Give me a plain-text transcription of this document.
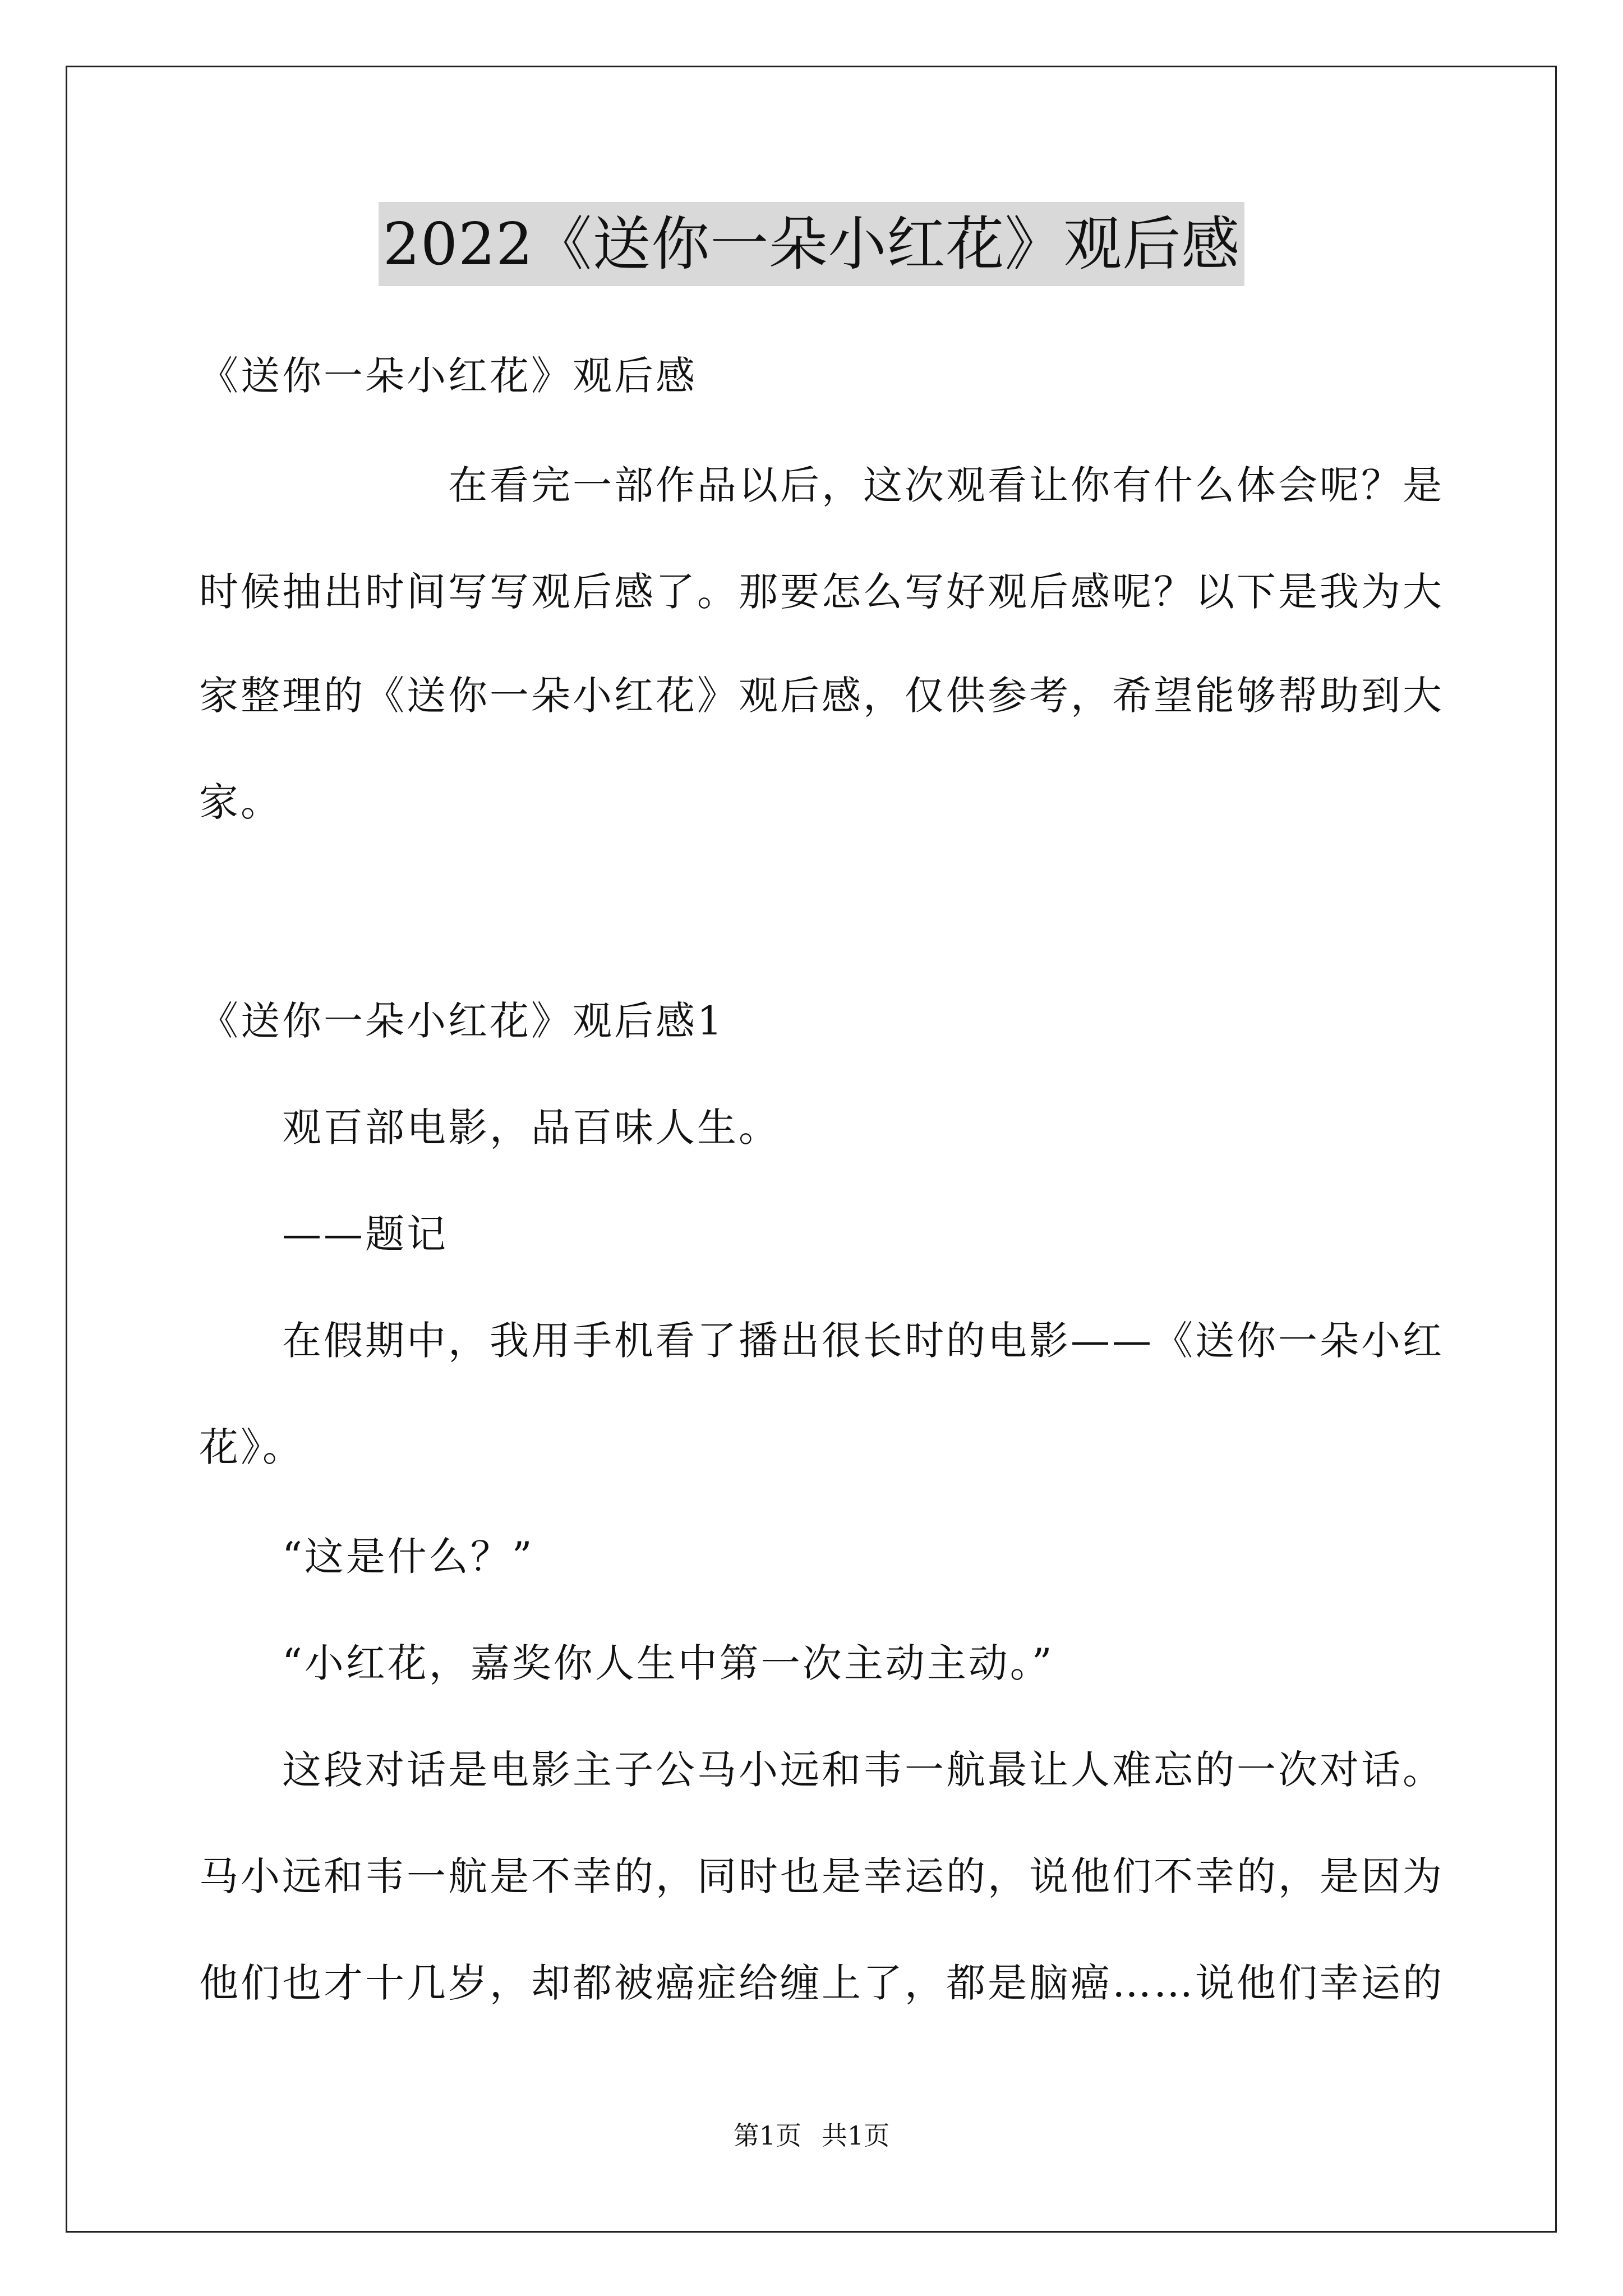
2022《送你一朵小红花》观后感
《送你一朵小红花》观后感
　　　　　　在看完一部作品以后，这次观看让你有什么体会呢？是
时候抽出时间写写观后感了。那要怎么写好观后感呢？以下是我为大
家整理的《送你一朵小红花》观后感，仅供参考，希望能够帮助到大
家。
《送你一朵小红花》观后感1
　　观百部电影，品百味人生。
　　——题记
　　在假期中，我用手机看了播出很长时的电影——《送你一朵小红
花》。
　　“这是什么？”
　　“小红花，嘉奖你人生中第一次主动主动。”
　　这段对话是电影主子公马小远和韦一航最让人难忘的一次对话。
马小远和韦一航是不幸的，同时也是幸运的，说他们不幸的，是因为
他们也才十几岁，却都被癌症给缠上了，都是脑癌……说他们幸运的
第1页 共1页
